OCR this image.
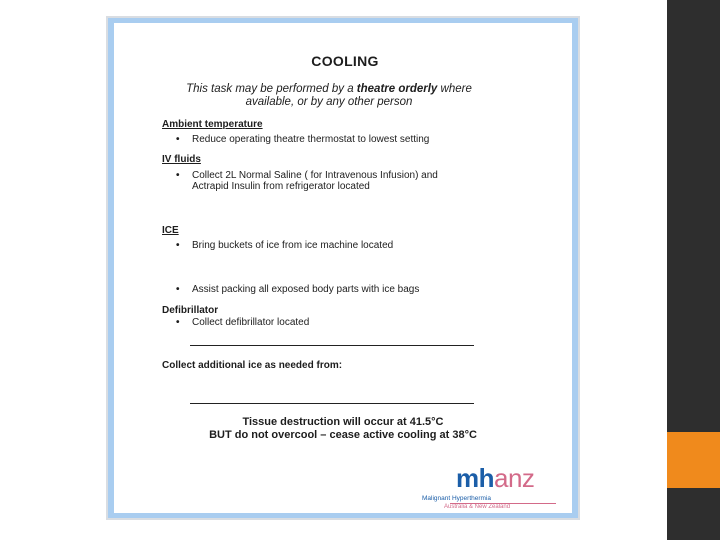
COOLING
This task may be performed by a theatre orderly where available, or by any other person
Ambient temperature
• Reduce operating theatre thermostat to lowest setting
IV fluids
• Collect 2L Normal Saline ( for Intravenous Infusion) and
Actrapid Insulin from refrigerator located
ICE
• Bring buckets of ice from ice machine located
• Assist packing all exposed body parts with ice bags
Defibrillator
• Collect defibrillator located
Collect additional ice as needed from:
Tissue destruction will occur at 41.5°C
BUT do not overcool – cease active cooling at 38°C
mhanz
Malignant Hyperthermia
Australia & New Zealand
